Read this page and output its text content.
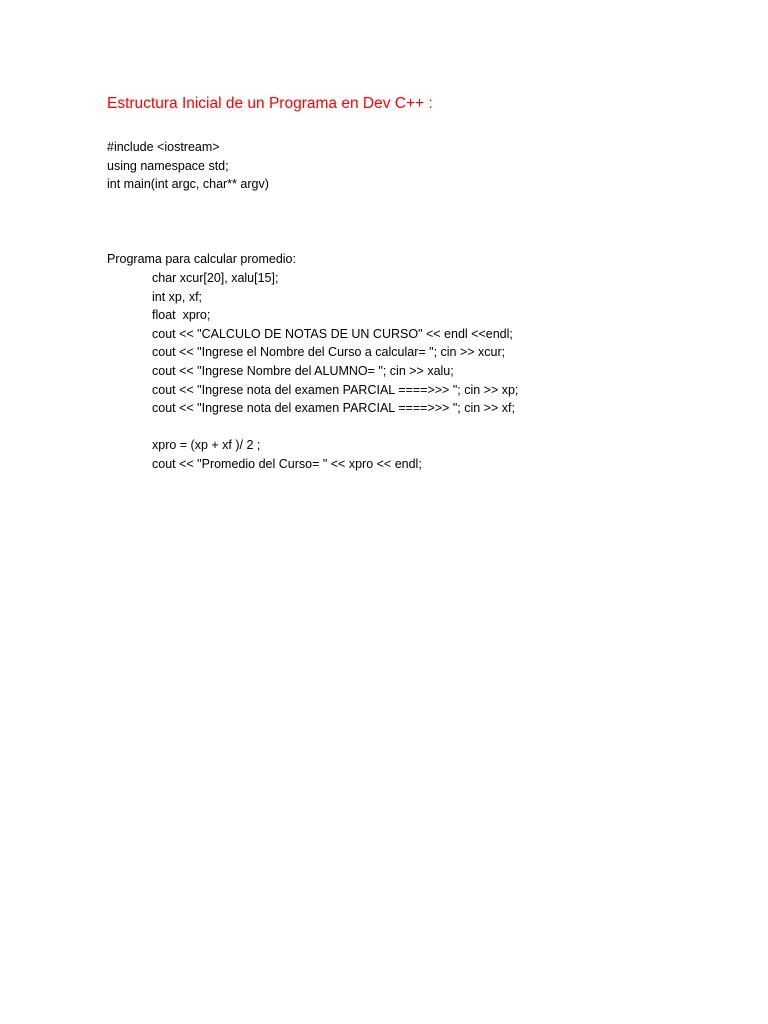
Estructura Inicial de un Programa en Dev C++ :
#include <iostream>
using namespace std;
int main(int argc, char** argv)
Programa para calcular promedio:
char xcur[20], xalu[15];
int xp, xf;
float  xpro;
cout << "CALCULO DE NOTAS DE UN CURSO" << endl <<endl;
cout << "Ingrese el Nombre del Curso a calcular= "; cin >> xcur;
cout << "Ingrese Nombre del ALUMNO= "; cin >> xalu;
cout << "Ingrese nota del examen PARCIAL ====>>> "; cin >> xp;
cout << "Ingrese nota del examen PARCIAL ====>>> "; cin >> xf;
xpro = (xp + xf )/ 2 ;
cout << "Promedio del Curso= " << xpro << endl;
